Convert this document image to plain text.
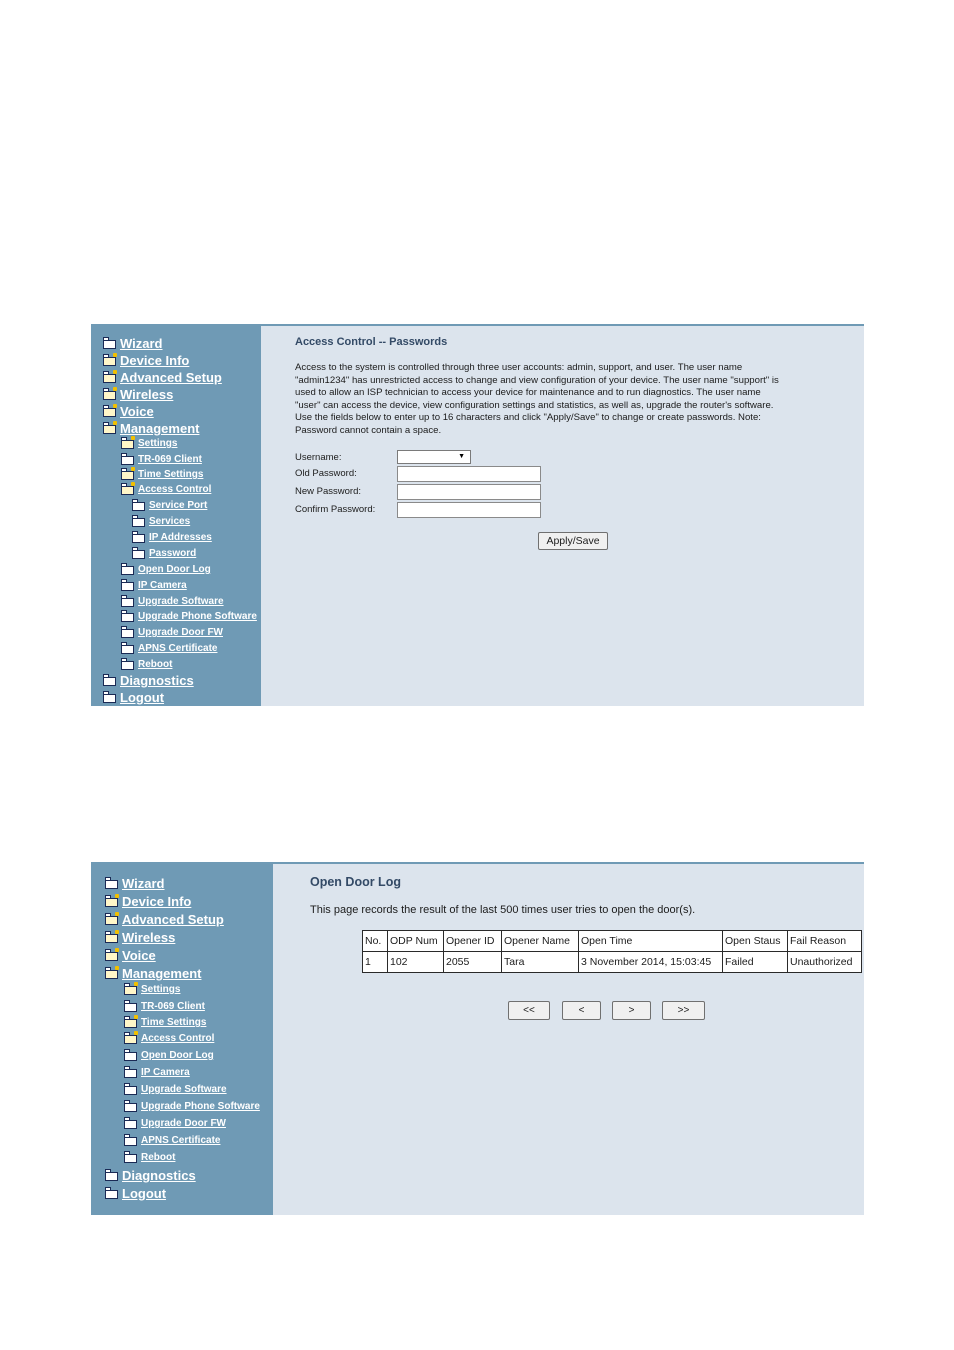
Wizard
Device Info
Advanced Setup
Wireless
Voice
Management
Settings
TR-069 Client
Time Settings
Access Control
Service Port
Services
IP Addresses
Password
Open Door Log
IP Camera
Upgrade Software
Upgrade Phone Software
Upgrade Door FW
APNS Certificate
Reboot
Diagnostics
Logout
Access Control -- Passwords
Access to the system is controlled through three user accounts: admin, support, and user. The user name
"admin1234" has unrestricted access to change and view configuration of your device. The user name "support" is
used to allow an ISP technician to access your device for maintenance and to run diagnostics. The user name
"user" can access the device, view configuration settings and statistics, as well as, upgrade the router's software.
Use the fields below to enter up to 16 characters and click "Apply/Save" to change or create passwords. Note:
Password cannot contain a space.
Username:	▼
Old Password:
New Password:
Confirm Password:
Apply/Save
Wizard
Device Info
Advanced Setup
Wireless
Voice
Management
Settings
TR-069 Client
Time Settings
Access Control
Open Door Log
IP Camera
Upgrade Software
Upgrade Phone Software
Upgrade Door FW
APNS Certificate
Reboot
Diagnostics
Logout
Open Door Log
This page records the result of the last 500 times user tries to open the door(s).
No.	ODP Num	Opener ID	Opener Name	Open Time	Open Staus	Fail Reason
1	102	2055	Tara	3 November 2014, 15:03:45	Failed	Unauthorized
<<	<	>	>>
